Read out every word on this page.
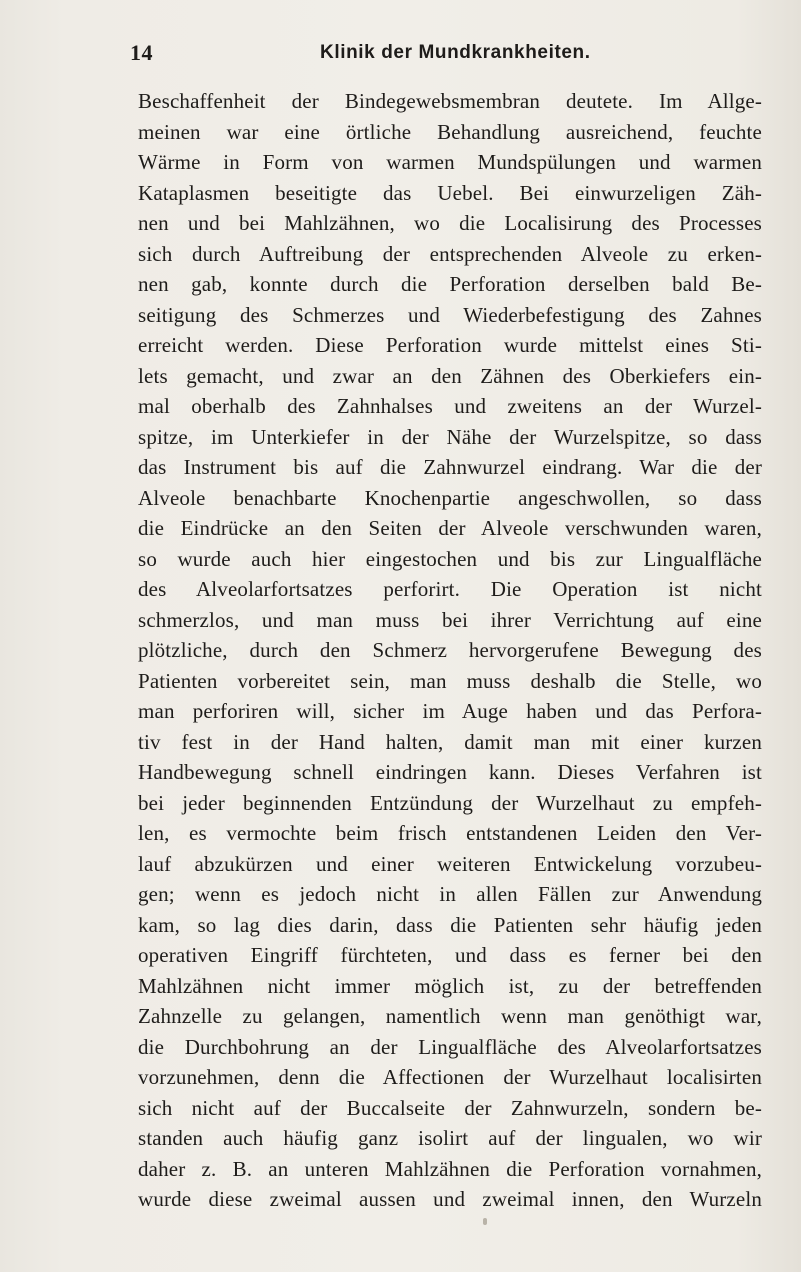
14	Klinik der Mundkrankheiten.
Beschaffenheit der Bindegewebsmembran deutete. Im Allge-
meinen war eine örtliche Behandlung ausreichend, feuchte
Wärme in Form von warmen Mundspülungen und warmen
Kataplasmen beseitigte das Uebel. Bei einwurzeligen Zäh-
nen und bei Mahlzähnen, wo die Localisirung des Processes
sich durch Auftreibung der entsprechenden Alveole zu erken-
nen gab, konnte durch die Perforation derselben bald Be-
seitigung des Schmerzes und Wiederbefestigung des Zahnes
erreicht werden. Diese Perforation wurde mittelst eines Sti-
lets gemacht, und zwar an den Zähnen des Oberkiefers ein-
mal oberhalb des Zahnhalses und zweitens an der Wurzel-
spitze, im Unterkiefer in der Nähe der Wurzelspitze, so dass
das Instrument bis auf die Zahnwurzel eindrang. War die der
Alveole benachbarte Knochenpartie angeschwollen, so dass
die Eindrücke an den Seiten der Alveole verschwunden waren,
so wurde auch hier eingestochen und bis zur Lingualfläche
des Alveolarfortsatzes perforirt. Die Operation ist nicht
schmerzlos, und man muss bei ihrer Verrichtung auf eine
plötzliche, durch den Schmerz hervorgerufene Bewegung des
Patienten vorbereitet sein, man muss deshalb die Stelle, wo
man perforiren will, sicher im Auge haben und das Perfora-
tiv fest in der Hand halten, damit man mit einer kurzen
Handbewegung schnell eindringen kann. Dieses Verfahren ist
bei jeder beginnenden Entzündung der Wurzelhaut zu empfeh-
len, es vermochte beim frisch entstandenen Leiden den Ver-
lauf abzukürzen und einer weiteren Entwickelung vorzubeu-
gen; wenn es jedoch nicht in allen Fällen zur Anwendung
kam, so lag dies darin, dass die Patienten sehr häufig jeden
operativen Eingriff fürchteten, und dass es ferner bei den
Mahlzähnen nicht immer möglich ist, zu der betreffenden
Zahnzelle zu gelangen, namentlich wenn man genöthigt war,
die Durchbohrung an der Lingualfläche des Alveolarfortsatzes
vorzunehmen, denn die Affectionen der Wurzelhaut localisirten
sich nicht auf der Buccalseite der Zahnwurzeln, sondern be-
standen auch häufig ganz isolirt auf der lingualen, wo wir
daher z. B. an unteren Mahlzähnen die Perforation vornahmen,
wurde diese zweimal aussen und zweimal innen, den Wurzeln
